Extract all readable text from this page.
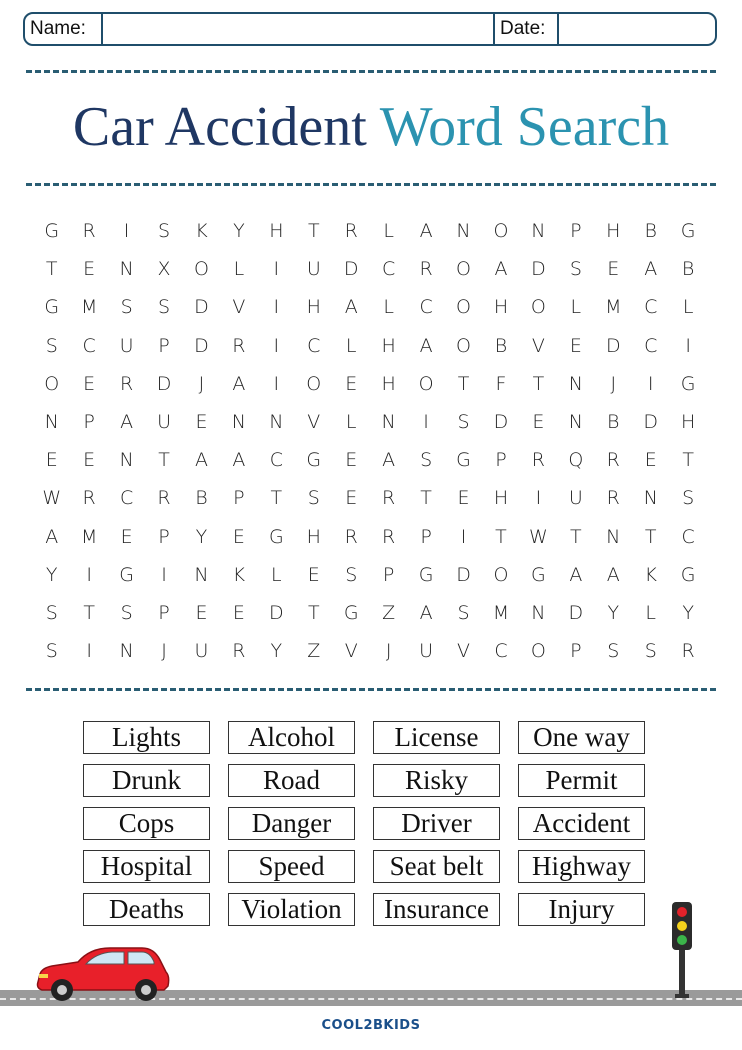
Name:	Date:
Car Accident Word Search
G	R	I	S	K	Y	H	T	R	L	A	N	O	N	P	H	B	G
T	E	N	X	O	L	I	U	D	C	R	O	A	D	S	E	A	B
G	M	S	S	D	V	I	H	A	L	C	O	H	O	L	M	C	L
S	C	U	P	D	R	I	C	L	H	A	O	B	V	E	D	C	I
O	E	R	D	J	A	I	O	E	H	O	T	F	T	N	J	I	G
N	P	A	U	E	N	N	V	L	N	I	S	D	E	N	B	D	H
E	E	N	T	A	A	C	G	E	A	S	G	P	R	Q	R	E	T
W	R	C	R	B	P	T	S	E	R	T	E	H	I	U	R	N	S
A	M	E	P	Y	E	G	H	R	R	P	I	T	W	T	N	T	C
Y	I	G	I	N	K	L	E	S	P	G	D	O	G	A	A	K	G
S	T	S	P	E	E	D	T	G	Z	A	S	M	N	D	Y	L	Y
S	I	N	J	U	R	Y	Z	V	J	U	V	C	O	P	S	S	R
Lights	Alcohol	License	One way
Drunk	Road	Risky	Permit
Cops	Danger	Driver	Accident
Hospital	Speed	Seat belt	Highway
Deaths	Violation	Insurance	Injury
COOL2BKIDS
